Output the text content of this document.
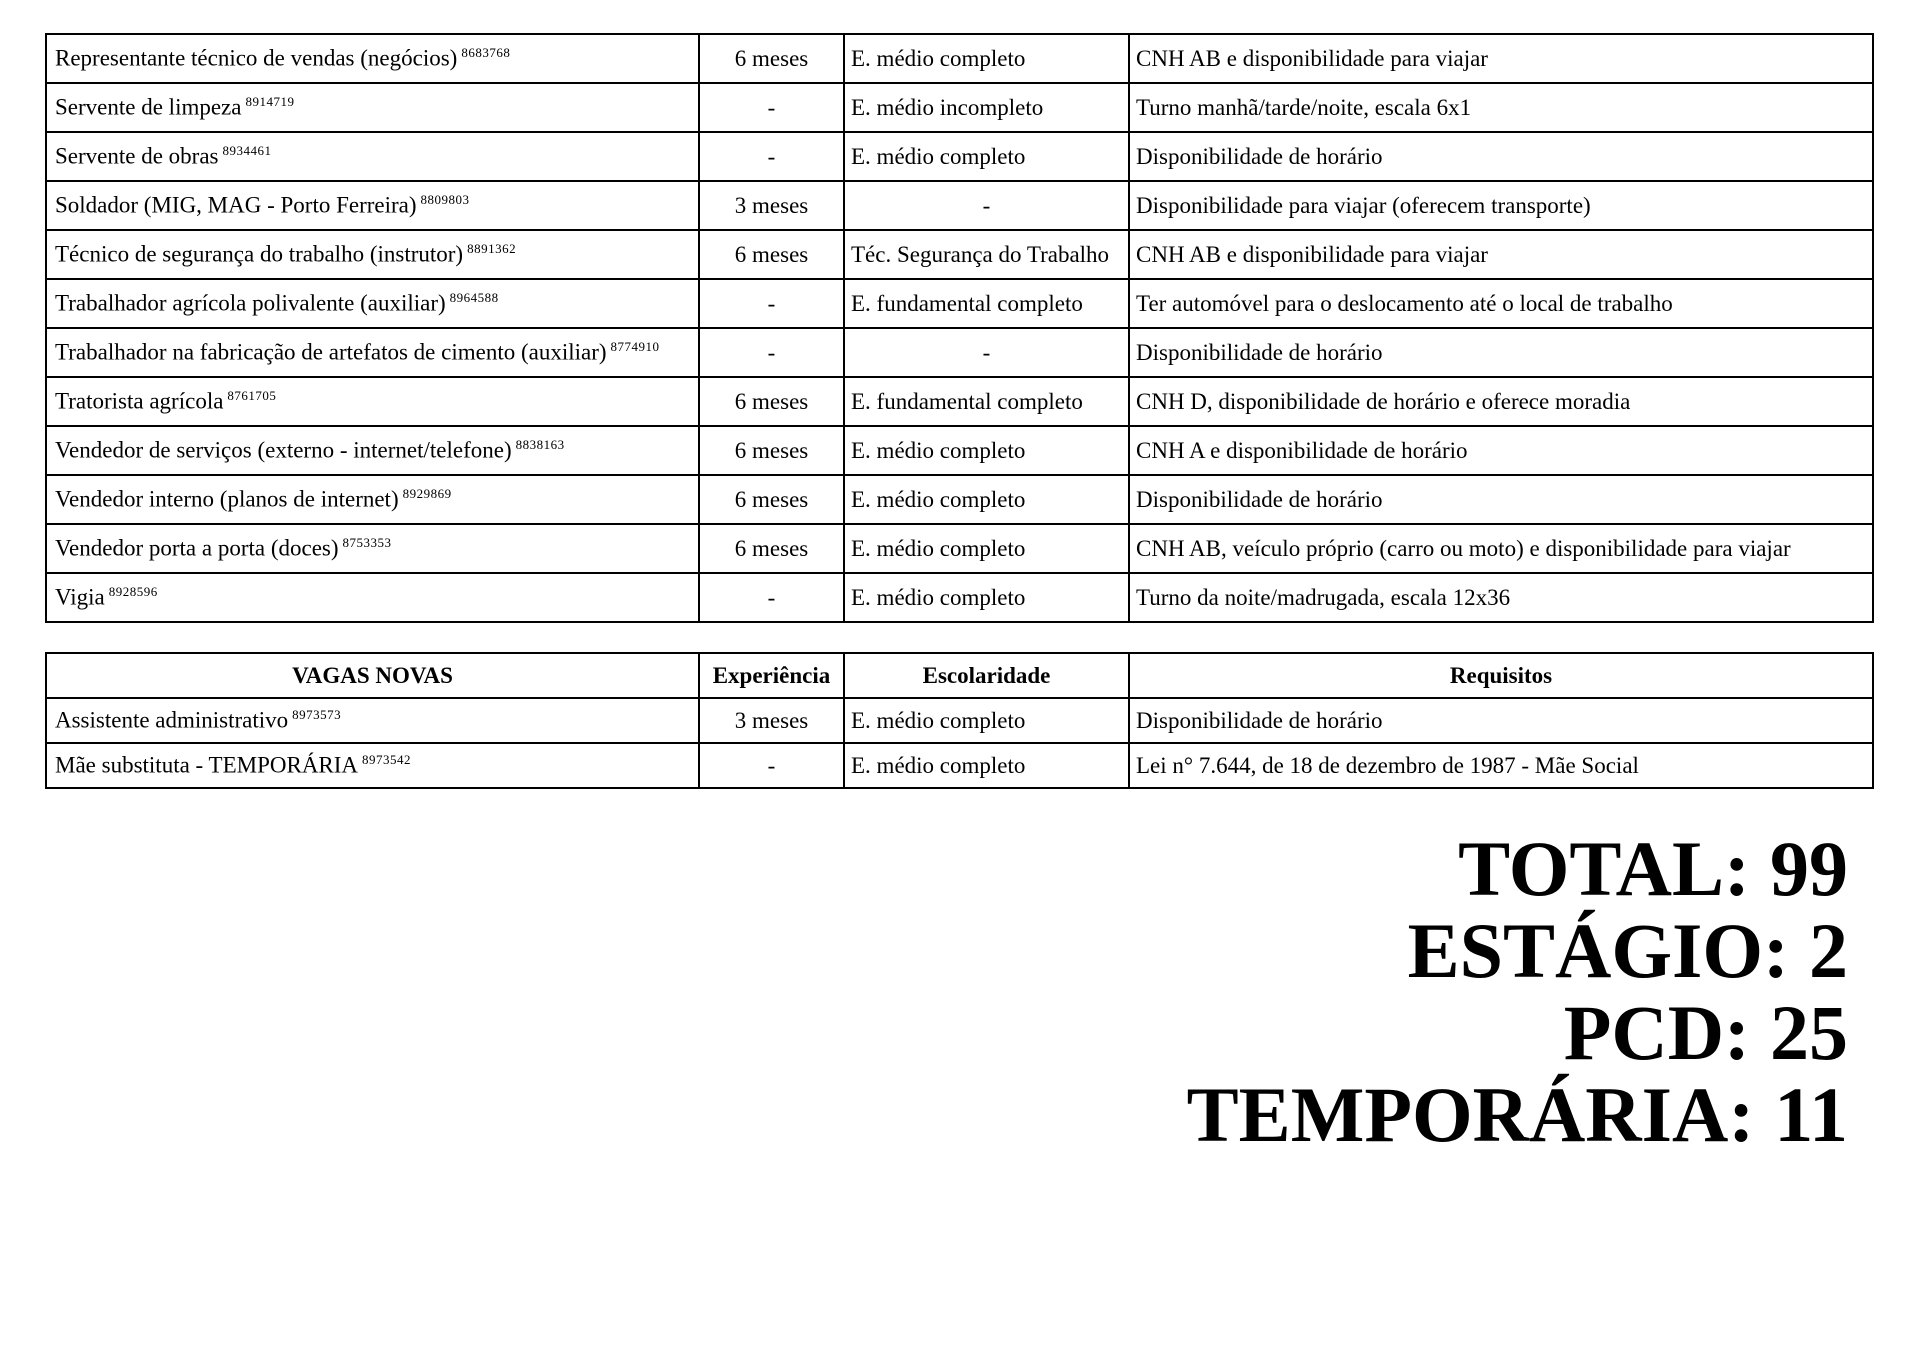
Representante técnico de vendas (negócios) $^{8683768}$	6 meses	E. médio completo	CNH AB e disponibilidade para viajar
Servente de limpeza $^{8914719}$	-	E. médio incompleto	Turno manhã/tarde/noite, escala 6x1
Servente de obras $^{8934461}$	-	E. médio completo	Disponibilidade de horário
Soldador (MIG, MAG - Porto Ferreira) $^{8809803}$	3 meses	-	Disponibilidade para viajar (oferecem transporte)
Técnico de segurança do trabalho (instrutor) $^{8891362}$	6 meses	Téc. Segurança do Trabalho	CNH AB e disponibilidade para viajar
Trabalhador agrícola polivalente (auxiliar) $^{8964588}$	-	E. fundamental completo	Ter automóvel para o deslocamento até o local de trabalho
Trabalhador na fabricação de artefatos de cimento (auxiliar) $^{8774910}$	-	-	Disponibilidade de horário
Tratorista agrícola $^{8761705}$	6 meses	E. fundamental completo	CNH D, disponibilidade de horário e oferece moradia
Vendedor de serviços (externo - internet/telefone) $^{8838163}$	6 meses	E. médio completo	CNH A e disponibilidade de horário
Vendedor interno (planos de internet) $^{8929869}$	6 meses	E. médio completo	Disponibilidade de horário
Vendedor porta a porta (doces) $^{8753353}$	6 meses	E. médio completo	CNH AB, veículo próprio (carro ou moto) e disponibilidade para viajar
Vigia $^{8928596}$	-	E. médio completo	Turno da noite/madrugada, escala 12x36
VAGAS NOVAS	Experiência	Escolaridade	Requisitos
Assistente administrativo $^{8973573}$	3 meses	E. médio completo	Disponibilidade de horário
Mãe substituta - TEMPORÁRIA $^{8973542}$	-	E. médio completo	Lei n° 7.644, de 18 de dezembro de 1987 - Mãe Social
TOTAL: 99
ESTÁGIO: 2
PCD: 25
TEMPORÁRIA: 11
